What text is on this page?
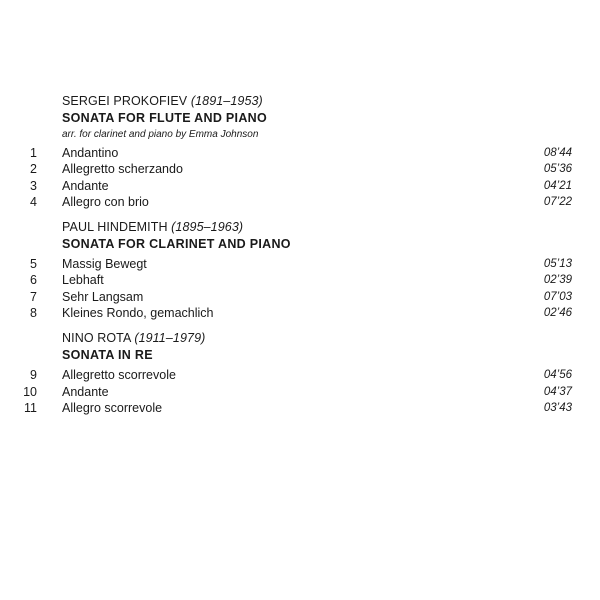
SERGEI PROKOFIEV (1891–1953)
SONATA FOR FLUTE AND PIANO
arr. for clarinet and piano by Emma Johnson
1 Andantino	08’44
2 Allegretto scherzando	05’36
3 Andante	04’21
4 Allegro con brio	07’22
PAUL HINDEMITH (1895–1963)
SONATA FOR CLARINET AND PIANO
5 Massig Bewegt	05’13
6 Lebhaft	02’39
7 Sehr Langsam	07’03
8 Kleines Rondo, gemachlich	02’46
NINO ROTA (1911–1979)
SONATA IN RE
9 Allegretto scorrevole	04’56
10 Andante	04’37
11 Allegro scorrevole	03’43
